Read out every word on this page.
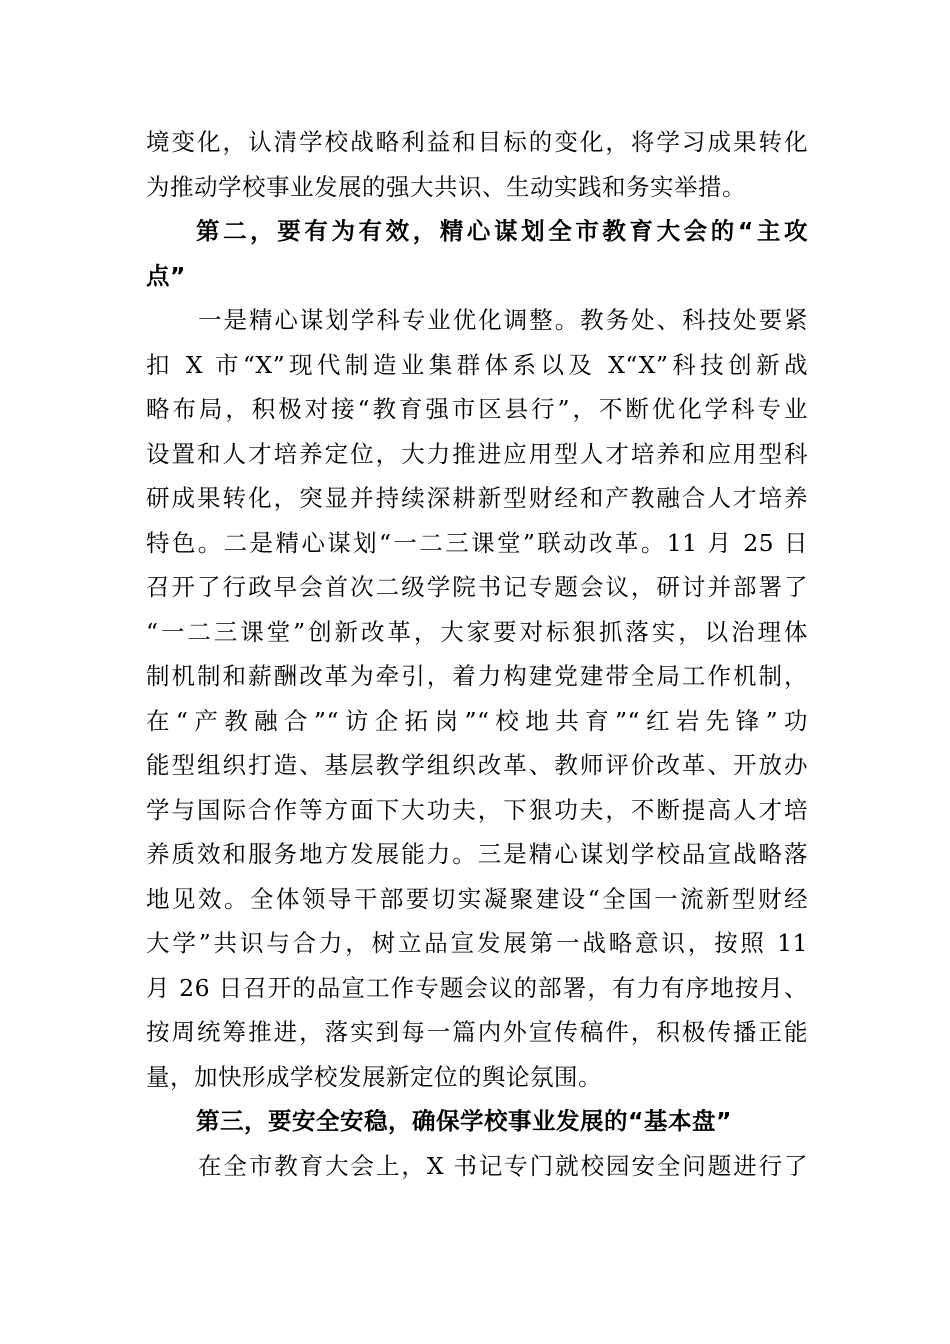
境变化，认清学校战略利益和目标的变化，将学习成果转化
为推动学校事业发展的强大共识、生动实践和务实举措。
第二，要有为有效，精心谋划全市教育大会的“主攻
点”
一是精心谋划学科专业优化调整。教务处、科技处要紧
扣 X 市“X”现代制造业集群体系以及 X“X”科技创新战
略布局，积极对接“教育强市区县行”，不断优化学科专业
设置和人才培养定位，大力推进应用型人才培养和应用型科
研成果转化，突显并持续深耕新型财经和产教融合人才培养
特色。二是精心谋划“一二三课堂”联动改革。11 月 25 日
召开了行政早会首次二级学院书记专题会议，研讨并部署了
“一二三课堂”创新改革，大家要对标狠抓落实，以治理体
制机制和薪酬改革为牵引，着力构建党建带全局工作机制，
在“产教融合”“访企拓岗”“校地共育”“红岩先锋”功
能型组织打造、基层教学组织改革、教师评价改革、开放办
学与国际合作等方面下大功夫，下狠功夫，不断提高人才培
养质效和服务地方发展能力。三是精心谋划学校品宣战略落
地见效。全体领导干部要切实凝聚建设“全国一流新型财经
大学”共识与合力，树立品宣发展第一战略意识，按照 11
月 26 日召开的品宣工作专题会议的部署，有力有序地按月、
按周统筹推进，落实到每一篇内外宣传稿件，积极传播正能
量，加快形成学校发展新定位的舆论氛围。
第三，要安全安稳，确保学校事业发展的“基本盘”
在全市教育大会上，X 书记专门就校园安全问题进行了
